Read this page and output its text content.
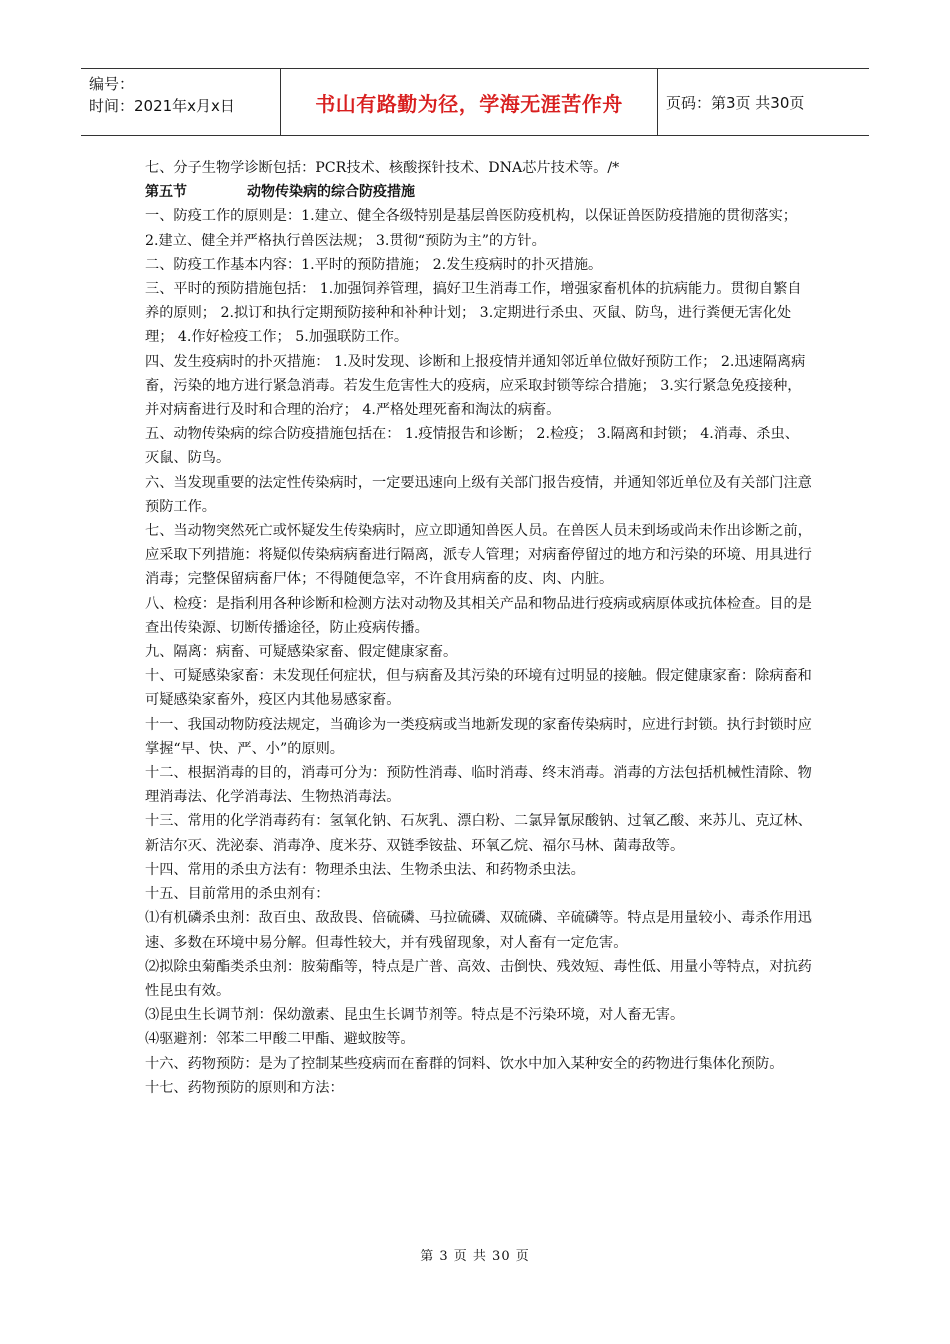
编号：
时间：2021年x月x日	书山有路勤为径，学海无涯苦作舟	页码：第3页 共30页

七、分子生物学诊断包括：PCR技术、核酸探针技术、DNA芯片技术等。/*

第五节	动物传染病的综合防疫措施

一、防疫工作的原则是：1.建立、健全各级特别是基层兽医防疫机构，以保证兽医防疫措施的贯彻落实； 2.建立、健全并严格执行兽医法规； 3.贯彻“预防为主”的方针。

二、防疫工作基本内容：1.平时的预防措施； 2.发生疫病时的扑灭措施。

三、平时的预防措施包括： 1.加强饲养管理，搞好卫生消毒工作，增强家畜机体的抗病能力。贯彻自繁自养的原则； 2.拟订和执行定期预防接种和补种计划； 3.定期进行杀虫、灭鼠、防鸟，进行粪便无害化处理； 4.作好检疫工作； 5.加强联防工作。

四、发生疫病时的扑灭措施： 1.及时发现、诊断和上报疫情并通知邻近单位做好预防工作； 2.迅速隔离病畜，污染的地方进行紧急消毒。若发生危害性大的疫病，应采取封锁等综合措施； 3.实行紧急免疫接种，并对病畜进行及时和合理的治疗； 4.严格处理死畜和淘汰的病畜。

五、动物传染病的综合防疫措施包括在： 1.疫情报告和诊断； 2.检疫； 3.隔离和封锁； 4.消毒、杀虫、灭鼠、防鸟。

六、当发现重要的法定性传染病时，一定要迅速向上级有关部门报告疫情，并通知邻近单位及有关部门注意预防工作。

七、当动物突然死亡或怀疑发生传染病时，应立即通知兽医人员。在兽医人员未到场或尚未作出诊断之前，应采取下列措施：将疑似传染病病畜进行隔离，派专人管理；对病畜停留过的地方和污染的环境、用具进行消毒；完整保留病畜尸体；不得随便急宰，不许食用病畜的皮、肉、内脏。

八、检疫：是指利用各种诊断和检测方法对动物及其相关产品和物品进行疫病或病原体或抗体检查。目的是查出传染源、切断传播途径，防止疫病传播。

九、隔离：病畜、可疑感染家畜、假定健康家畜。

十、可疑感染家畜：未发现任何症状，但与病畜及其污染的环境有过明显的接触。假定健康家畜：除病畜和可疑感染家畜外，疫区内其他易感家畜。

十一、我国动物防疫法规定，当确诊为一类疫病或当地新发现的家畜传染病时，应进行封锁。执行封锁时应掌握“早、快、严、小”的原则。

十二、根据消毒的目的，消毒可分为：预防性消毒、临时消毒、终末消毒。消毒的方法包括机械性清除、物理消毒法、化学消毒法、生物热消毒法。

十三、常用的化学消毒药有：氢氧化钠、石灰乳、漂白粉、二氯异氰尿酸钠、过氧乙酸、来苏儿、克辽林、新洁尔灭、洗泌泰、消毒净、度米芬、双链季铵盐、环氧乙烷、福尔马林、菌毒敌等。

十四、常用的杀虫方法有：物理杀虫法、生物杀虫法、和药物杀虫法。

十五、目前常用的杀虫剂有：

⑴有机磷杀虫剂：敌百虫、敌敌畏、倍硫磷、马拉硫磷、双硫磷、辛硫磷等。特点是用量较小、毒杀作用迅速、多数在环境中易分解。但毒性较大，并有残留现象，对人畜有一定危害。

⑵拟除虫菊酯类杀虫剂：胺菊酯等，特点是广普、高效、击倒快、残效短、毒性低、用量小等特点，对抗药性昆虫有效。

⑶昆虫生长调节剂：保幼激素、昆虫生长调节剂等。特点是不污染环境，对人畜无害。

⑷驱避剂：邻苯二甲酸二甲酯、避蚊胺等。

十六、药物预防：是为了控制某些疫病而在畜群的饲料、饮水中加入某种安全的药物进行集体化预防。

十七、药物预防的原则和方法：

第 3 页 共 30 页
